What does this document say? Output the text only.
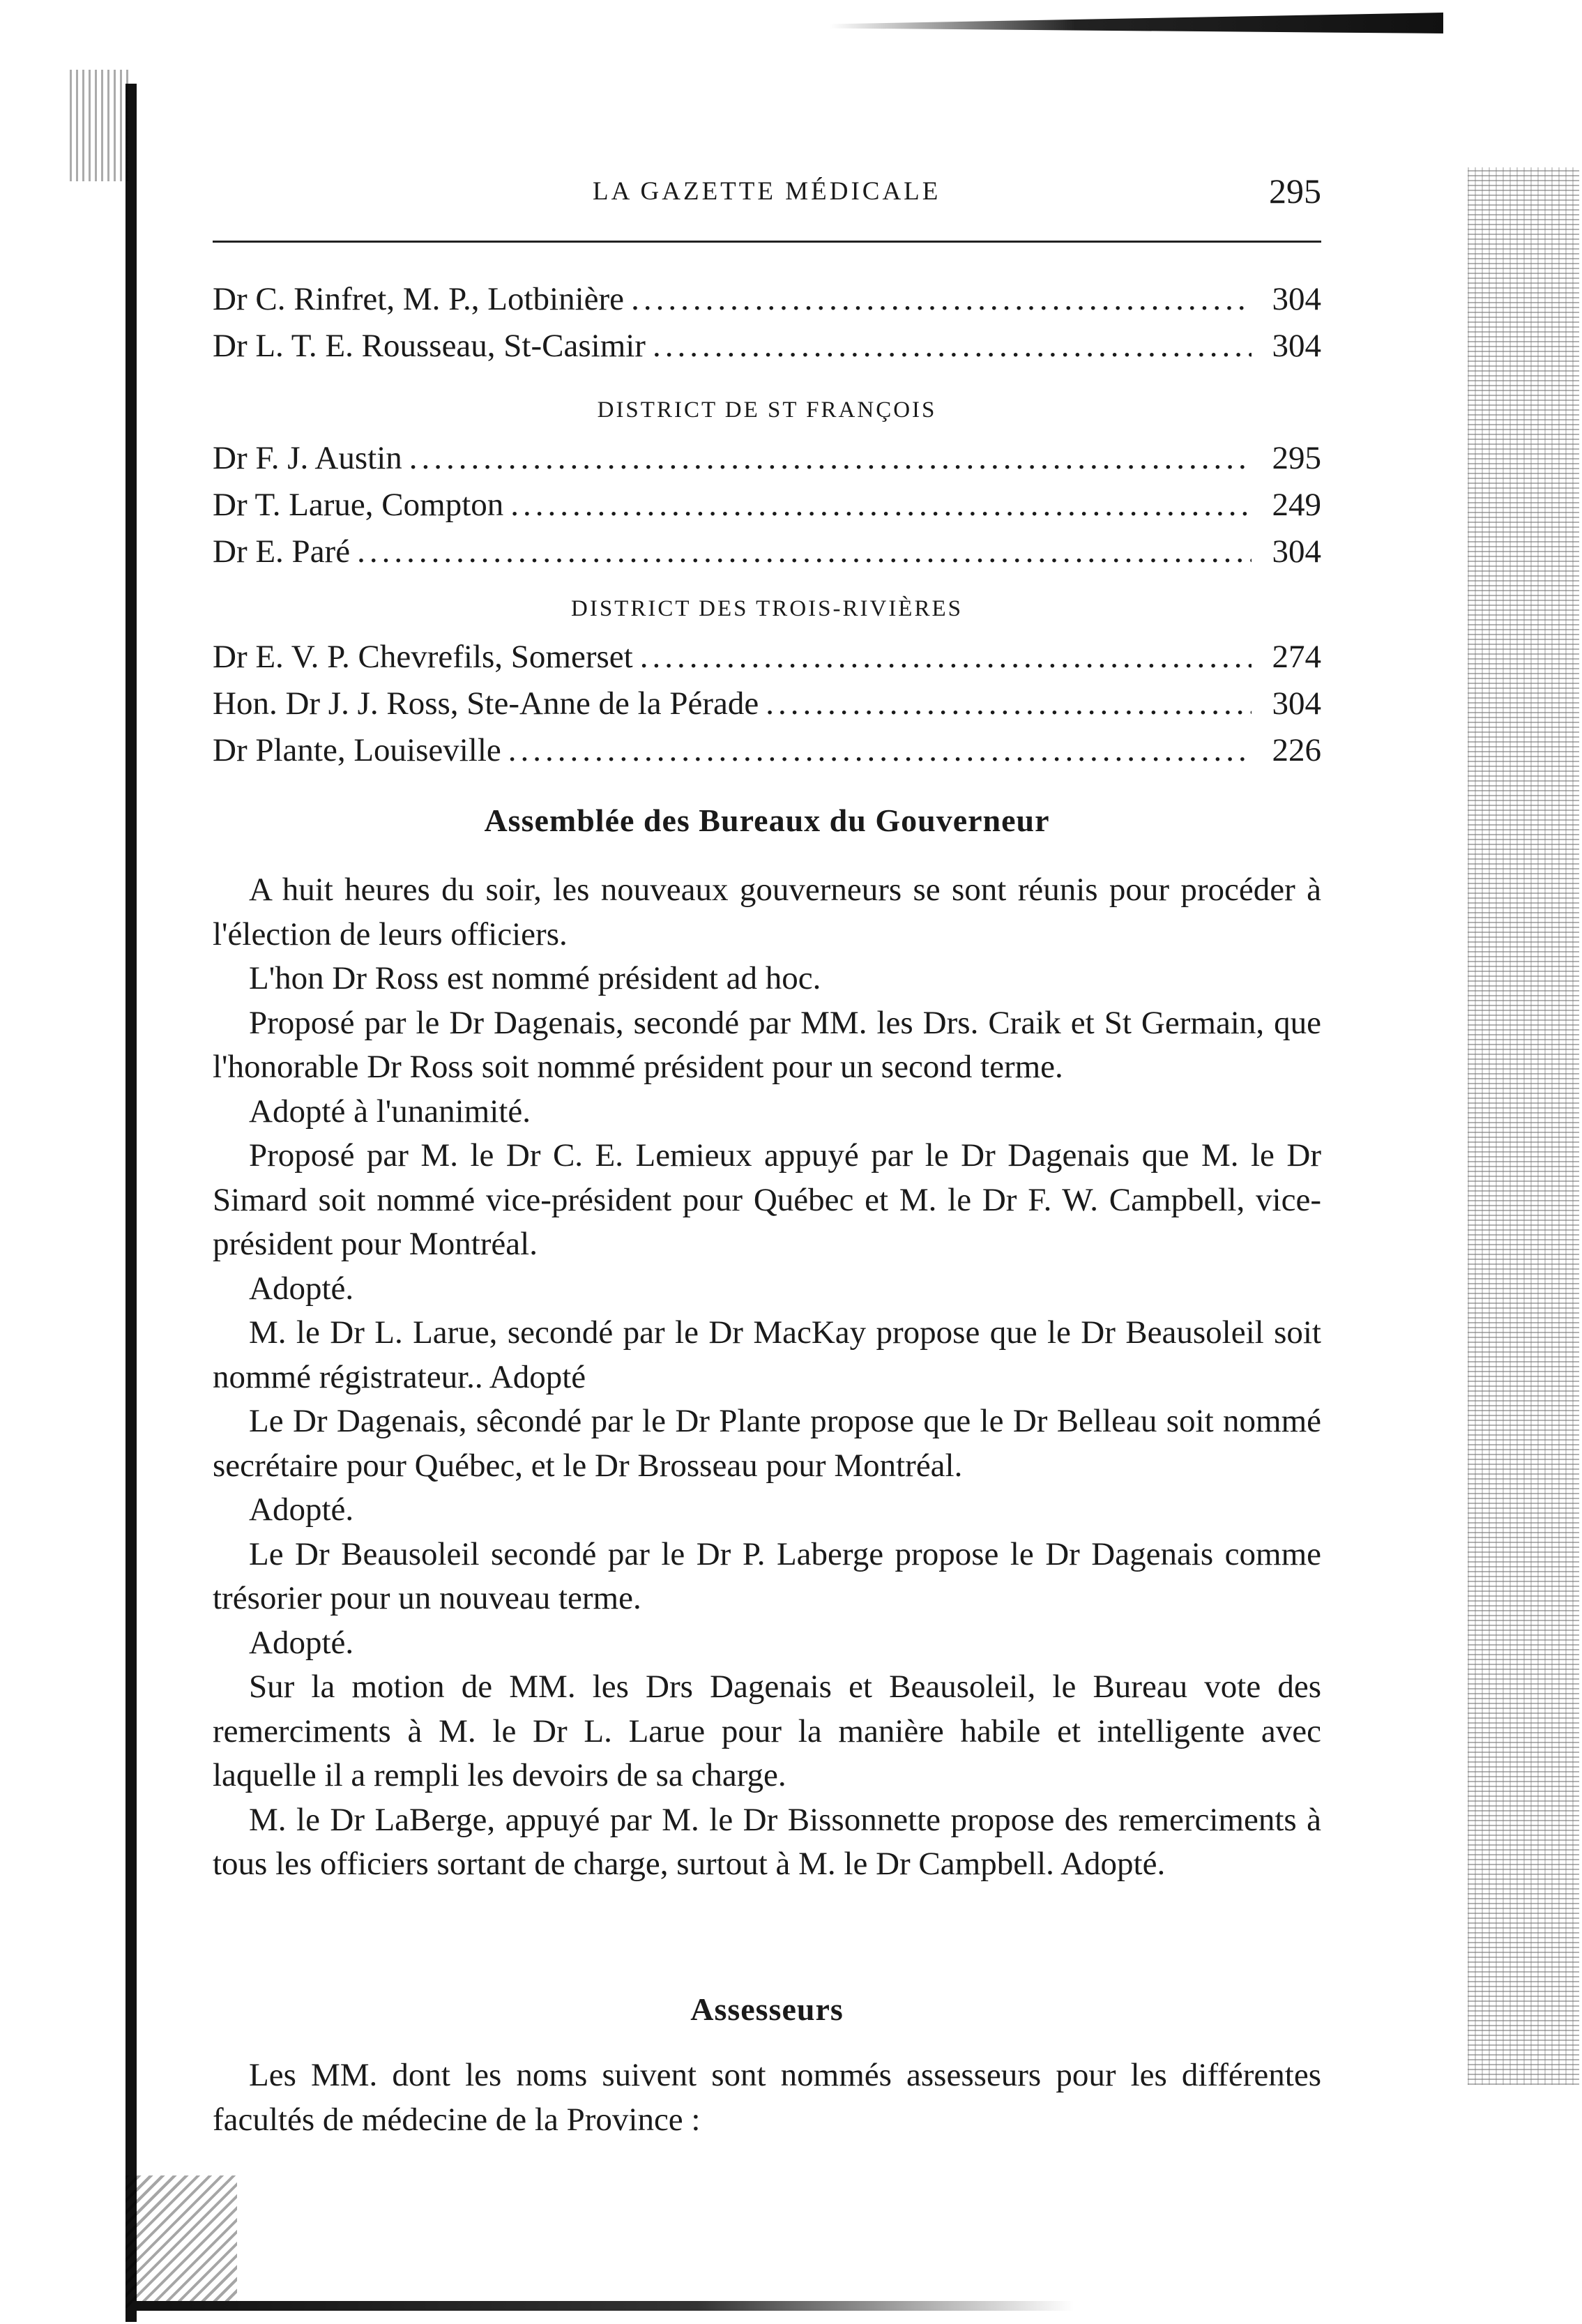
LA GAZETTE MÉDICALE	295
Dr C. Rinfret, M. P., Lotbinière .....	304
Dr L. T. E. Rousseau, St-Casimir .....	304
DISTRICT DE ST FRANÇOIS
Dr F. J. Austin .....	295
Dr T. Larue, Compton .....	249
Dr E. Paré .....	304
DISTRICT DES TROIS-RIVIÈRES
Dr E. V. P. Chevrefils, Somerset .....	274
Hon. Dr J. J. Ross, Ste-Anne de la Pérade .....	304
Dr Plante, Louiseville .....	226
Assemblée des Bureaux du Gouverneur

A huit heures du soir, les nouveaux gouverneurs se sont réunis pour procéder à l'élection de leurs officiers.

L'hon Dr Ross est nommé président ad hoc.

Proposé par le Dr Dagenais, secondé par MM. les Drs. Craik et St Germain, que l'honorable Dr Ross soit nommé président pour un second terme.

Adopté à l'unanimité.

Proposé par M. le Dr C. E. Lemieux appuyé par le Dr Dagenais que M. le Dr Simard soit nommé vice-président pour Québec et M. le Dr F. W. Campbell, vice-président pour Montréal.

Adopté.

M. le Dr L. Larue, secondé par le Dr MacKay propose que le Dr Beausoleil soit nommé régistrateur.. Adopté

Le Dr Dagenais, sêcondé par le Dr Plante propose que le Dr Belleau soit nommé secrétaire pour Québec, et le Dr Brosseau pour Montréal.

Adopté.

Le Dr Beausoleil secondé par le Dr P. Laberge propose le Dr Dagenais comme trésorier pour un nouveau terme.

Adopté.

Sur la motion de MM. les Drs Dagenais et Beausoleil, le Bureau vote des remerciments à M. le Dr L. Larue pour la manière habile et intelligente avec laquelle il a rempli les devoirs de sa charge.

M. le Dr LaBerge, appuyé par M. le Dr Bissonnette propose des remerciments à tous les officiers sortant de charge, surtout à M. le Dr Campbell. Adopté.

Assesseurs

Les MM. dont les noms suivent sont nommés assesseurs pour les différentes facultés de médecine de la Province :
